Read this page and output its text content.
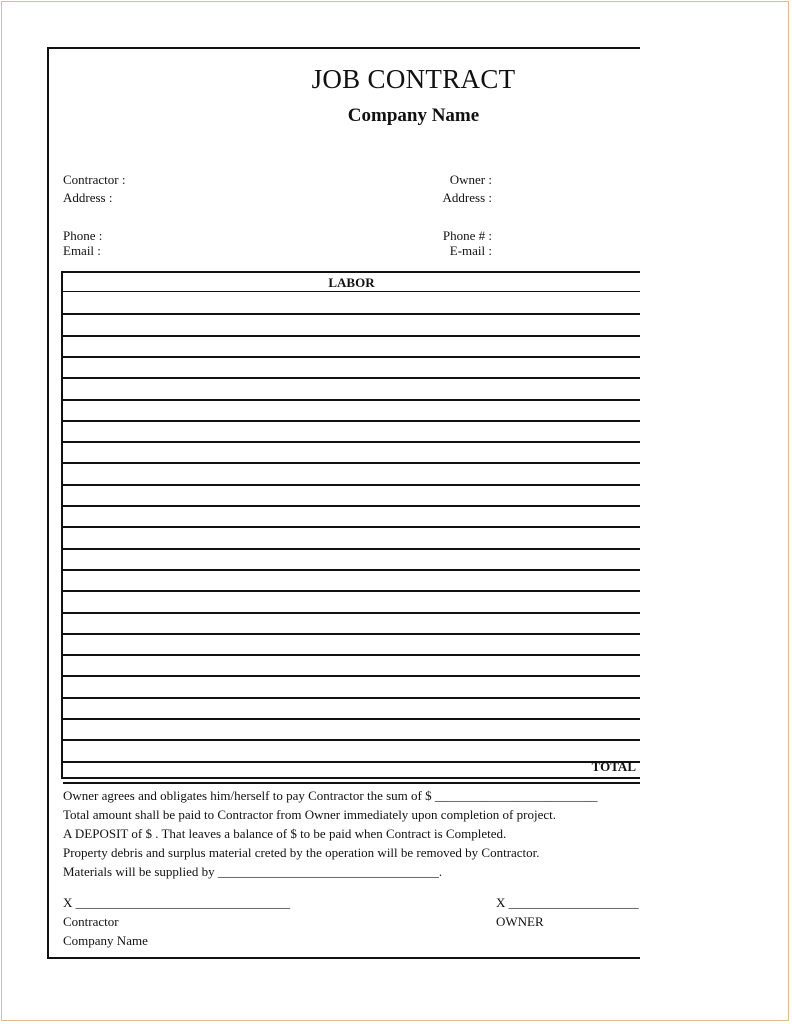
JOB CONTRACT
Company Name
Contractor :
Address :
Phone :
Email :
Owner :
Address :
Phone # :
E-mail :
LABOR
TOTAL
Owner agrees and obligates him/herself to pay Contractor the sum of $ _________________________
Total amount shall be paid to Contractor from Owner immediately upon completion of project.
A DEPOSIT of $ . That leaves a balance of $ to be paid when Contract is Completed.
Property debris and surplus material creted by the operation will be removed by Contractor.
Materials will be supplied by __________________________________.
X _________________________________
Contractor
Company Name
X ____________________
OWNER
